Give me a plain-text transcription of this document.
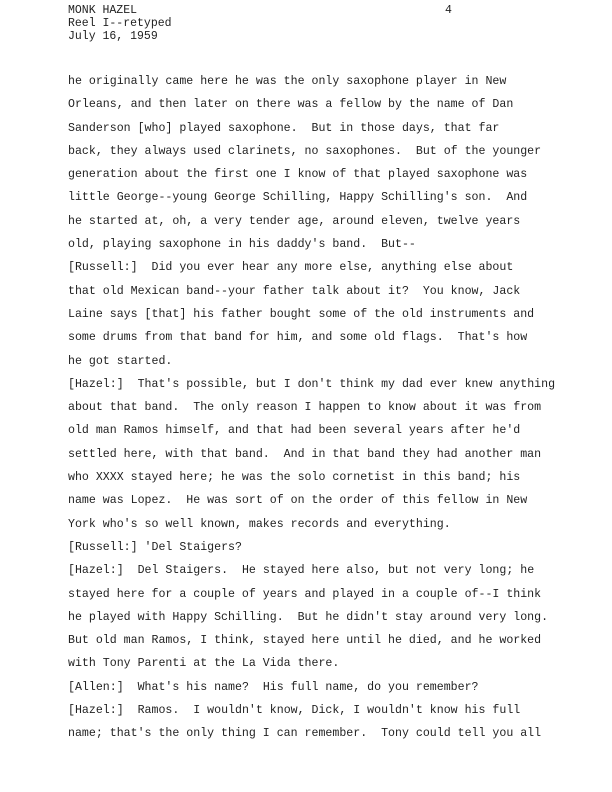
MONK HAZEL
Reel I--retyped
July 16, 1959
4
he originally came here he was the only saxophone player in New
Orleans, and then later on there was a fellow by the name of Dan
Sanderson [who] played saxophone.  But in those days, that far
back, they always used clarinets, no saxophones.  But of the younger
generation about the first one I know of that played saxophone was
little George--young George Schilling, Happy Schilling's son.  And
he started at, oh, a very tender age, around eleven, twelve years
old, playing saxophone in his daddy's band.  But--
[Russell:]  Did you ever hear any more else, anything else about
that old Mexican band--your father talk about it?  You know, Jack
Laine says [that] his father bought some of the old instruments and
some drums from that band for him, and some old flags.  That's how
he got started.
[Hazel:]  That's possible, but I don't think my dad ever knew anything
about that band.  The only reason I happen to know about it was from
old man Ramos himself, and that had been several years after he'd
settled here, with that band.  And in that band they had another man
who XXXX stayed here; he was the solo cornetist in this band; his
name was Lopez.  He was sort of on the order of this fellow in New
York who's so well known, makes records and everything.
[Russell:] 'Del Staigers?
[Hazel:]  Del Staigers.  He stayed here also, but not very long; he
stayed here for a couple of years and played in a couple of--I think
he played with Happy Schilling.  But he didn't stay around very long.
But old man Ramos, I think, stayed here until he died, and he worked
with Tony Parenti at the La Vida there.
[Allen:]  What's his name?  His full name, do you remember?
[Hazel:]  Ramos.  I wouldn't know, Dick, I wouldn't know his full
name; that's the only thing I can remember.  Tony could tell you all
